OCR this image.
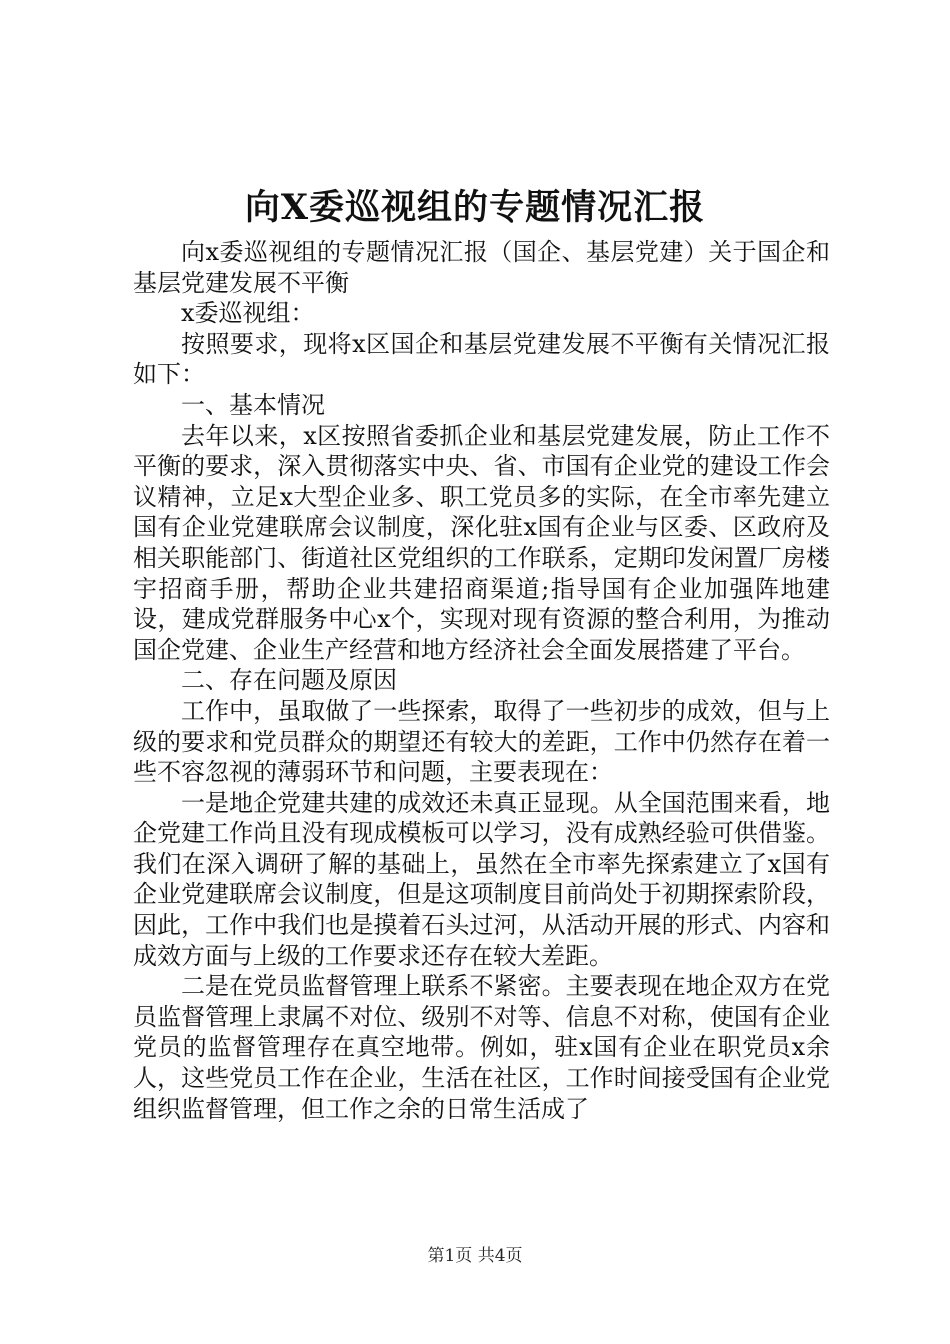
向X委巡视组的专题情况汇报

向x委巡视组的专题情况汇报（国企、基层党建）关于国企和基层党建发展不平衡

x委巡视组：

按照要求，现将x区国企和基层党建发展不平衡有关情况汇报如下：

一、基本情况

去年以来，x区按照省委抓企业和基层党建发展，防止工作不平衡的要求，深入贯彻落实中央、省、市国有企业党的建设工作会议精神，立足x大型企业多、职工党员多的实际，在全市率先建立国有企业党建联席会议制度，深化驻x国有企业与区委、区政府及相关职能部门、街道社区党组织的工作联系，定期印发闲置厂房楼宇招商手册，帮助企业共建招商渠道;指导国有企业加强阵地建设，建成党群服务中心x个，实现对现有资源的整合利用，为推动国企党建、企业生产经营和地方经济社会全面发展搭建了平台。

二、存在问题及原因

工作中，虽取做了一些探索，取得了一些初步的成效，但与上级的要求和党员群众的期望还有较大的差距，工作中仍然存在着一些不容忽视的薄弱环节和问题，主要表现在：

一是地企党建共建的成效还未真正显现。从全国范围来看，地企党建工作尚且没有现成模板可以学习，没有成熟经验可供借鉴。我们在深入调研了解的基础上，虽然在全市率先探索建立了x国有企业党建联席会议制度，但是这项制度目前尚处于初期探索阶段，因此，工作中我们也是摸着石头过河，从活动开展的形式、内容和成效方面与上级的工作要求还存在较大差距。

二是在党员监督管理上联系不紧密。主要表现在地企双方在党员监督管理上隶属不对位、级别不对等、信息不对称，使国有企业党员的监督管理存在真空地带。例如，驻x国有企业在职党员x余人，这些党员工作在企业，生活在社区，工作时间接受国有企业党组织监督管理，但工作之余的日常生活成了

第1页 共4页
